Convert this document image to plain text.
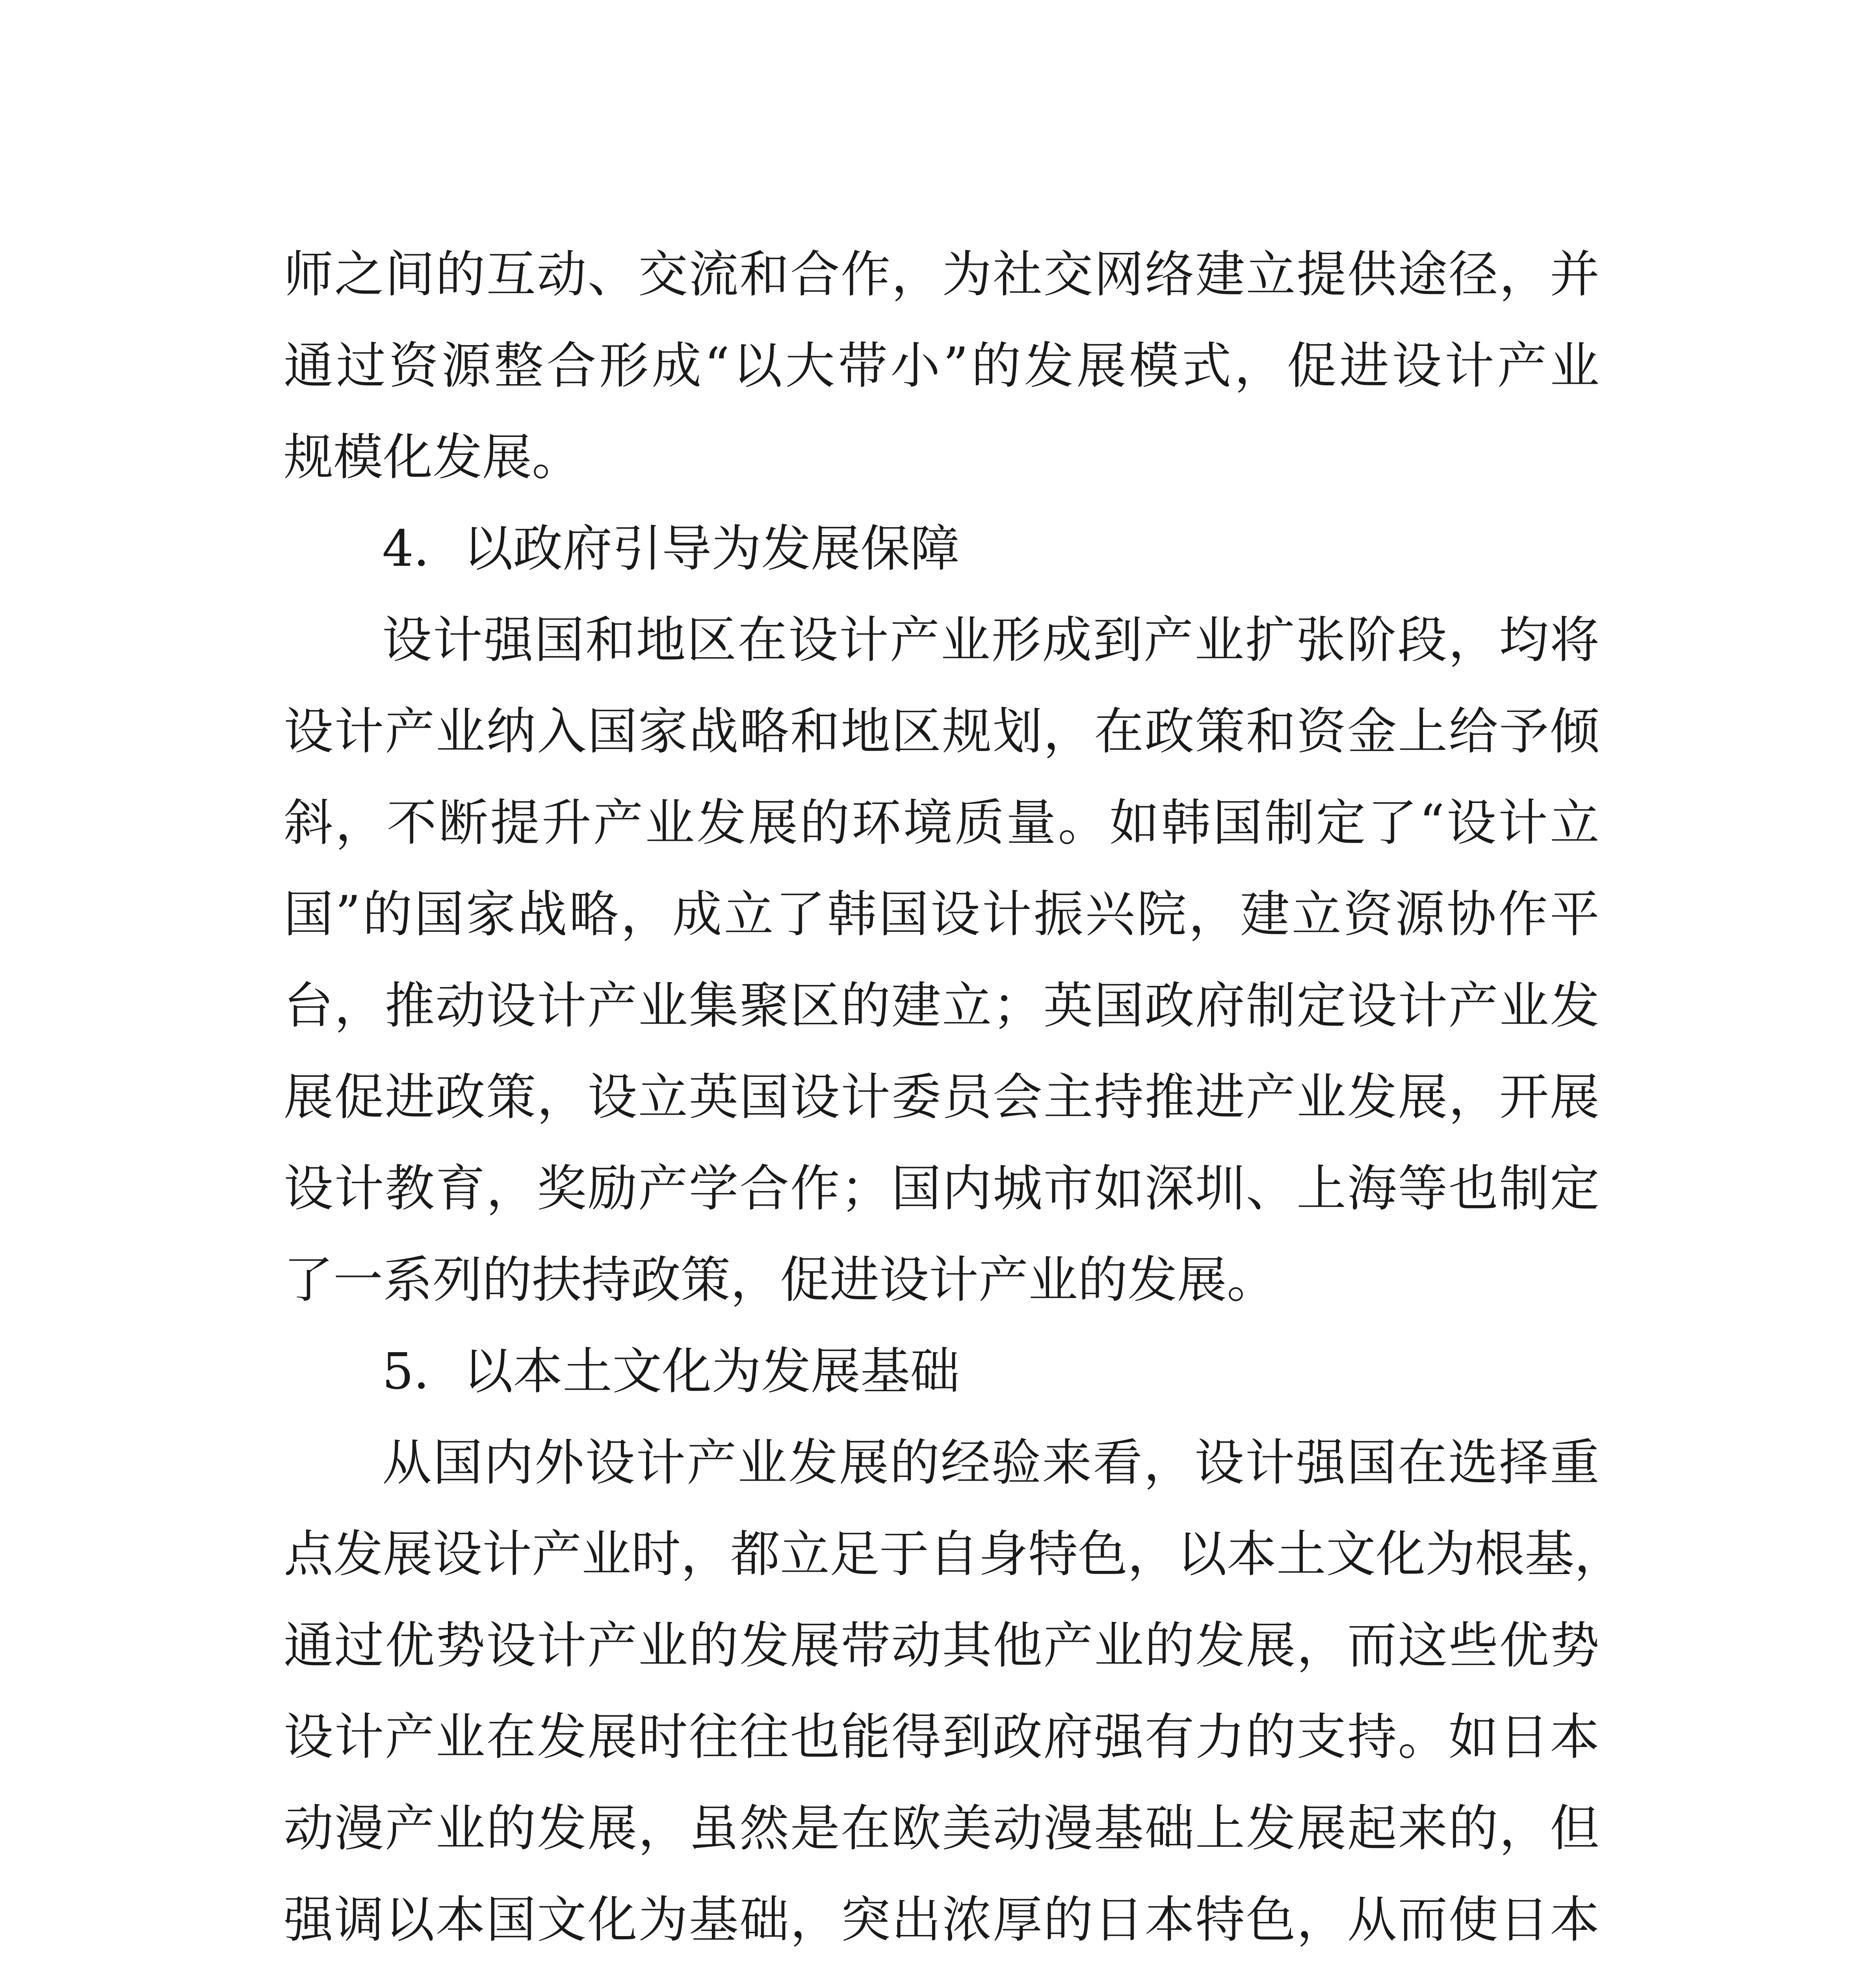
师之间的互动、交流和合作，为社交网络建立提供途径，并
通过资源整合形成“以大带小”的发展模式，促进设计产业
规模化发展。
4．以政府引导为发展保障
设计强国和地区在设计产业形成到产业扩张阶段，均将
设计产业纳入国家战略和地区规划，在政策和资金上给予倾
斜，不断提升产业发展的环境质量。如韩国制定了“设计立
国”的国家战略，成立了韩国设计振兴院，建立资源协作平
台，推动设计产业集聚区的建立；英国政府制定设计产业发
展促进政策，设立英国设计委员会主持推进产业发展，开展
设计教育，奖励产学合作；国内城市如深圳、上海等也制定
了一系列的扶持政策，促进设计产业的发展。
5．以本土文化为发展基础
从国内外设计产业发展的经验来看，设计强国在选择重
点发展设计产业时，都立足于自身特色，以本土文化为根基，
通过优势设计产业的发展带动其他产业的发展，而这些优势
设计产业在发展时往往也能得到政府强有力的支持。如日本
动漫产业的发展，虽然是在欧美动漫基础上发展起来的，但
强调以本国文化为基础，突出浓厚的日本特色，从而使日本
